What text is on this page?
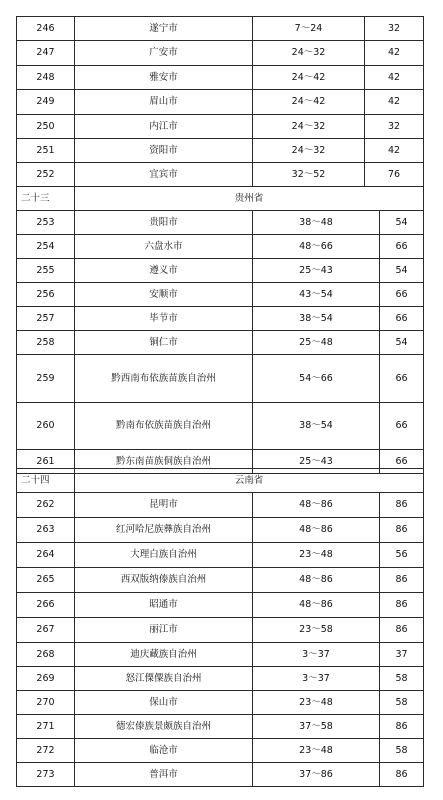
246	遂宁市	7～24	32
247	广安市	24～32	42
248	雅安市	24～42	42
249	眉山市	24～42	42
250	内江市	24～32	32
251	资阳市	24～32	42
252	宜宾市	32～52	76
二十三	贵州省		
253	贵阳市	38～48	54
254	六盘水市	48～66	66
255	遵义市	25～43	54
256	安顺市	43～54	66
257	毕节市	38～54	66
258	铜仁市	25～48	54
259	黔西南布依族苗族自治州	54～66	66
260	黔南布依族苗族自治州	38～54	66
261	黔东南苗族侗族自治州	25～43	66
二十四	云南省		
262	昆明市	48～86	86
263	红河哈尼族彝族自治州	48～86	86
264	大理白族自治州	23～48	56
265	西双版纳傣族自治州	48～86	86
266	昭通市	48～86	86
267	丽江市	23～58	86
268	迪庆藏族自治州	3～37	37
269	怒江傈僳族自治州	3～37	58
270	保山市	23～48	58
271	德宏傣族景颇族自治州	37～58	86
272	临沧市	23～48	58
273	普洱市	37～86	86
